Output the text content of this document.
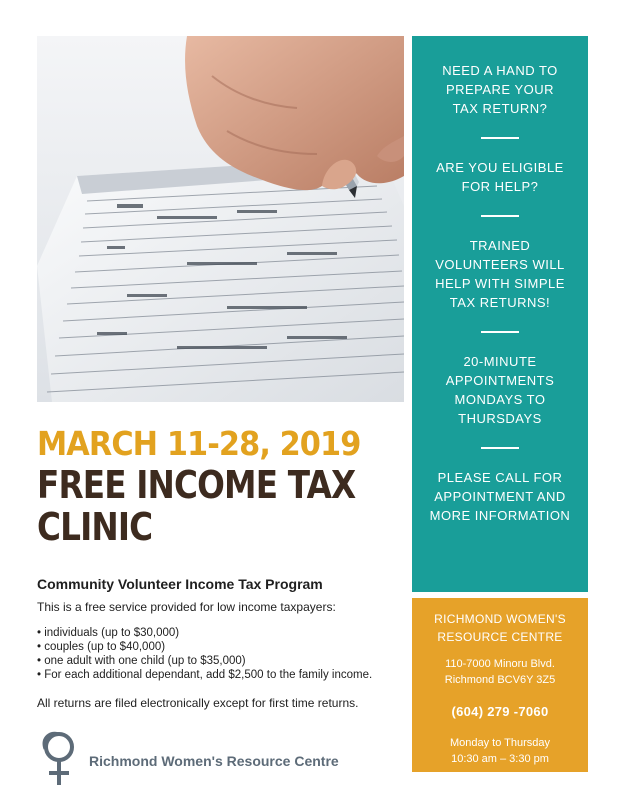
MARCH 11-28, 2019
FREE INCOME TAX
CLINIC

Community Volunteer Income Tax Program

This is a free service provided for low income taxpayers:

• individuals (up to $30,000)
• couples (up to $40,000)
• one adult with one child (up to $35,000)
• For each additional dependant, add $2,500 to the family income.

All returns are filed electronically except for first time returns.

Richmond Women's Resource Centre

NEED A HAND TO PREPARE YOUR TAX RETURN?

ARE YOU ELIGIBLE FOR HELP?

TRAINED VOLUNTEERS WILL HELP WITH SIMPLE TAX RETURNS!

20-MINUTE APPOINTMENTS MONDAYS TO THURSDAYS

PLEASE CALL FOR APPOINTMENT AND MORE INFORMATION

RICHMOND WOMEN'S

RESOURCE CENTRE

110-7000 Minoru Blvd.
Richmond BCV6Y 3Z5

(604) 279 -7060

Monday to Thursday
10:30 am – 3:30 pm
